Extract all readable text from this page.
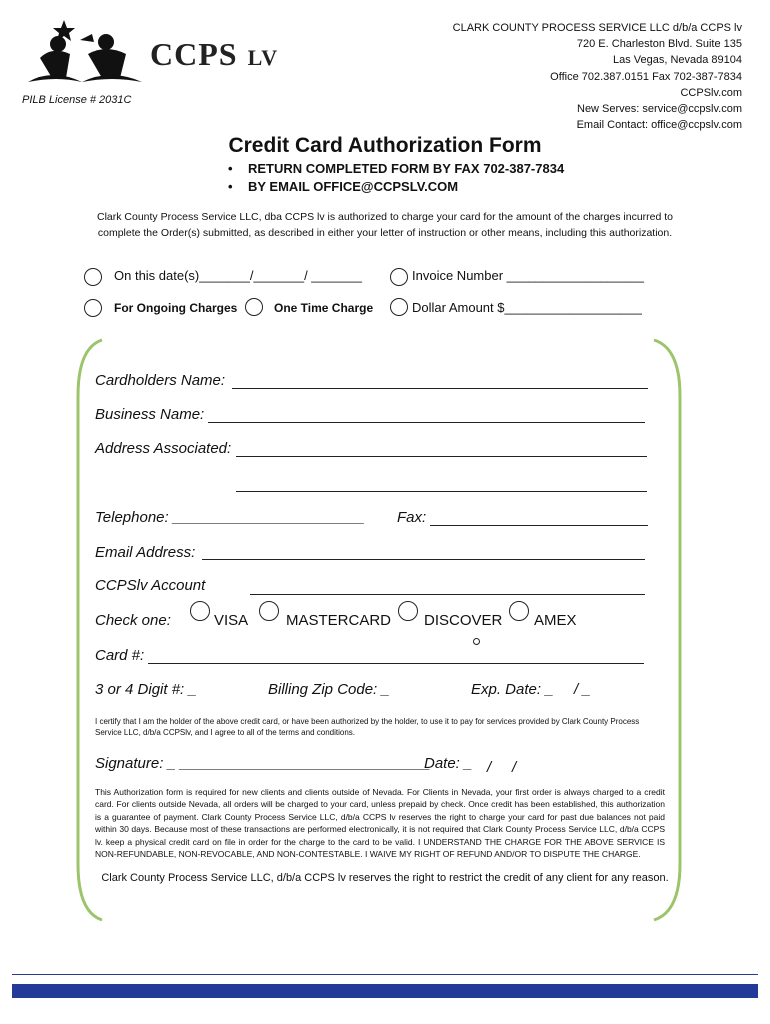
CCPS LV
PILB License # 2031C
CLARK COUNTY PROCESS SERVICE LLC d/b/a CCPS lv
720 E. Charleston Blvd. Suite 135
Las Vegas, Nevada 89104
Office 702.387.0151 Fax 702-387-7834
CCPSlv.com
New Serves: service@ccpslv.com
Email Contact: office@ccpslv.com
Credit Card Authorization Form
• RETURN COMPLETED FORM BY FAX 702-387-7834
• BY EMAIL OFFICE@CCPSLV.COM
Clark County Process Service LLC, dba CCPS lv is authorized to charge your card for the amount of the charges incurred to complete the Order(s) submitted, as described in either your letter of instruction or other means, including this authorization.
On this date(s)_______/_______/ _______	Invoice Number ___________________
For Ongoing Charges	One Time Charge	Dollar Amount $___________________
Cardholders Name:
Business Name:
Address Associated:
Telephone: _______________________ Fax:
Email Address:
CCPSlv Account
Check one:	VISA	MASTERCARD DISCOVER AMEX
Card #:
3 or 4 Digit #: _	Billing Zip Code: _	Exp. Date: _ / _
I certify that I am the holder of the above credit card, or have been authorized by the holder, to use it to pay for services provided by Clark County Process Service LLC, d/b/a CCPSlv, and I agree to all of the terms and conditions.
Signature: _ ______________________________
Date: _ / /
This Authorization form is required for new clients and clients outside of Nevada. For Clients in Nevada, your first order is always charged to a credit card. For clients outside Nevada, all orders will be charged to your card, unless prepaid by check. Once credit has been established, this authorization is a guarantee of payment. Clark County Process Service LLC, d/b/a CCPS lv reserves the right to charge your card for past due balances not paid within 30 days. Because most of these transactions are performed electronically, it is not required that Clark County Process Service LLC, d/b/a CCPS lv. keep a physical credit card on file in order for the charge to the card to be valid. I UNDERSTAND THE CHARGE FOR THE ABOVE SERVICE IS NON-REFUNDABLE, NON-REVOCABLE, AND NON-CONTESTABLE. I WAIVE MY RIGHT OF REFUND AND/OR TO DISPUTE THE CHARGE.
Clark County Process Service LLC, d/b/a CCPS lv reserves the right to restrict the credit of any client for any reason.
